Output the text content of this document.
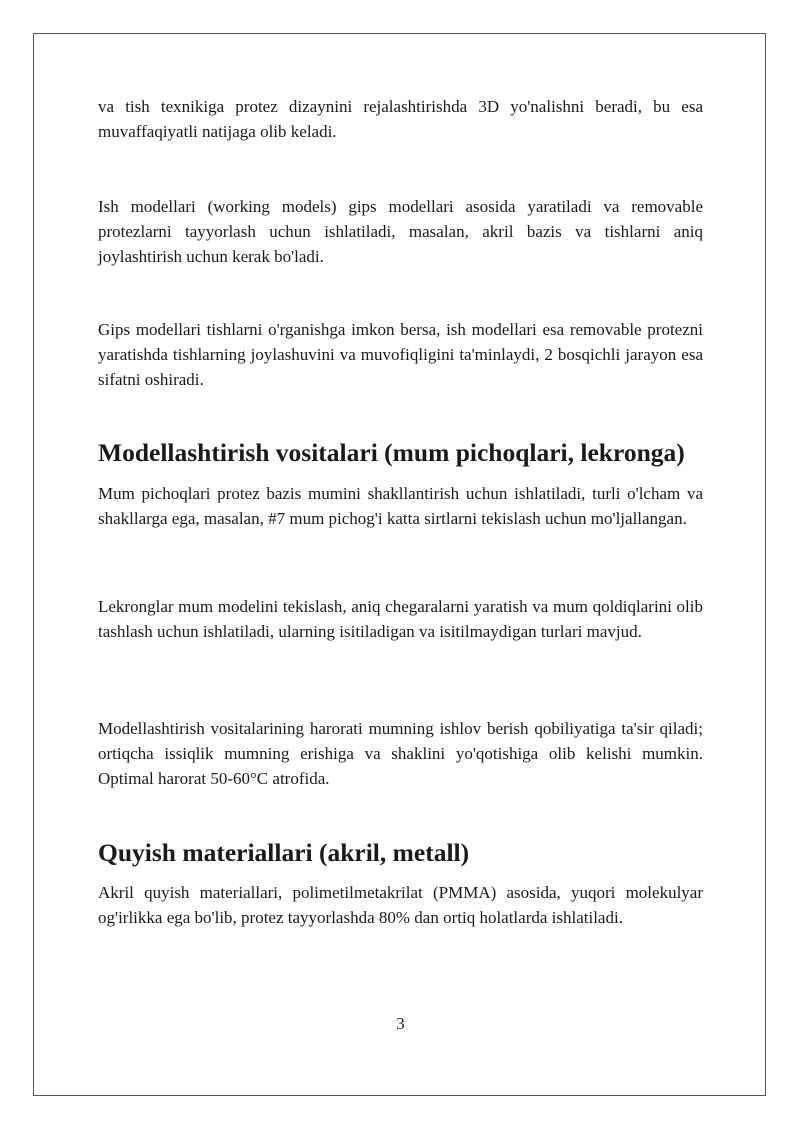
va tish texnikiga protez dizaynini rejalashtirishda 3D yo'nalishni beradi, bu esa muvaffaqiyatli natijaga olib keladi.

Ish modellari (working models) gips modellari asosida yaratiladi va removable protezlarni tayyorlash uchun ishlatiladi, masalan, akril bazis va tishlarni aniq joylashtirish uchun kerak bo'ladi.

Gips modellari tishlarni o'rganishga imkon bersa, ish modellari esa removable protezni yaratishda tishlarning joylashuvini va muvofiqligini ta'minlaydi, 2 bosqichli jarayon esa sifatni oshiradi.

Modellashtirish vositalari (mum pichoqlari, lekronga)

Mum pichoqlari protez bazis mumini shakllantirish uchun ishlatiladi, turli o'lcham va shakllarga ega, masalan, #7 mum pichog'i katta sirtlarni tekislash uchun mo'ljallangan.

Lekronglar mum modelini tekislash, aniq chegaralarni yaratish va mum qoldiqlarini olib tashlash uchun ishlatiladi, ularning isitiladigan va isitilmaydigan turlari mavjud.

Modellashtirish vositalarining harorati mumning ishlov berish qobiliyatiga ta'sir qiladi; ortiqcha issiqlik mumning erishiga va shaklini yo'qotishiga olib kelishi mumkin. Optimal harorat 50-60°C atrofida.

Quyish materiallari (akril, metall)

Akril quyish materiallari, polimetilmetakrilat (PMMA) asosida, yuqori molekulyar og'irlikka ega bo'lib, protez tayyorlashda 80% dan ortiq holatlarda ishlatiladi.

3
